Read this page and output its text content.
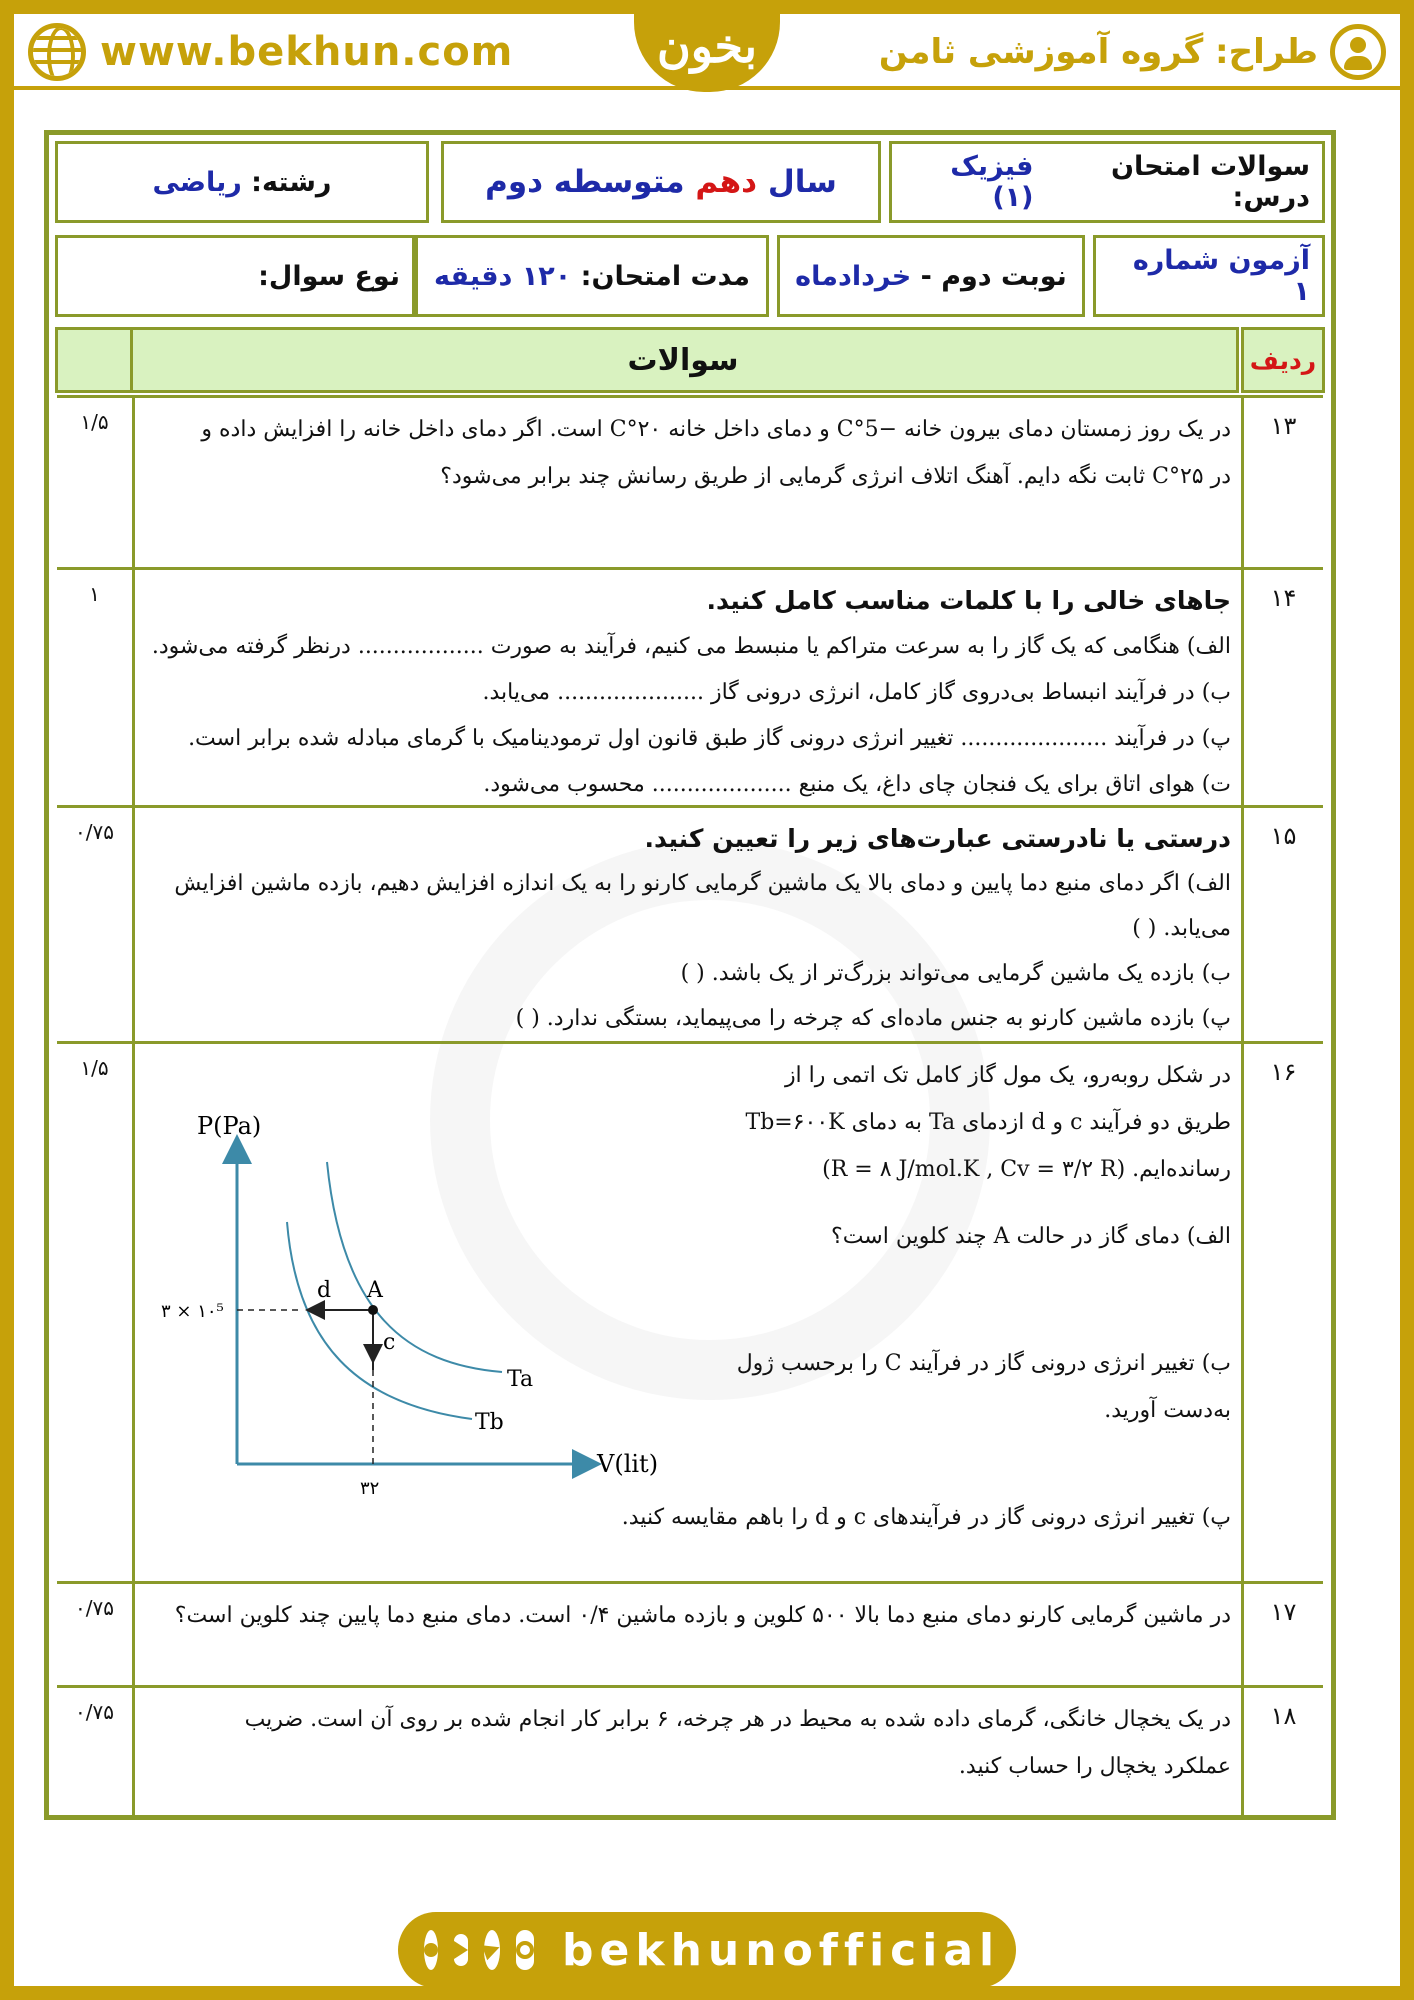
طراح: گروه آموزشی ثامن
www.bekhun.com	بخون
سوالات امتحان درس:
فیزیک (۱)
سال

دهم

متوسطه دوم
رشته:

ریاضی
آزمون شماره ۱
نوبت دوم -

خردادماه
مدت امتحان:

۱۲۰ دقیقه
نوع سوال:
ردیف
سوالات
۱۳
۱/۵	در یک روز زمستان دمای بیرون خانه −5°C و دمای داخل خانه ۲۰°C است. اگر دمای داخل خانه را افزایش داده و

در ۲۵°C ثابت نگه دایم. آهنگ اتلاف انرژی گرمایی از طریق رسانش چند برابر می‌شود؟

۱۴
۱	جاهای خالی را با کلمات مناسب کامل کنید.

الف) هنگامی که یک گاز را به سرعت متراکم یا منبسط می کنیم، فرآیند به صورت .................. درنظر گرفته می‌شود.

ب) در فرآیند انبساط بی‌دروی گاز کامل، انرژی درونی گاز ..................... می‌یابد.

پ) در فرآیند ..................... تغییر انرژی درونی گاز طبق قانون اول ترمودینامیک با گرمای مبادله شده برابر است.

ت) هوای اتاق برای یک فنجان چای داغ، یک منبع .................... محسوب می‌شود.

۱۵
۰/۷۵	درستی یا نادرستی عبارت‌های زیر را تعیین کنید.

الف) اگر دمای منبع دما پایین و دمای بالا یک ماشین گرمایی کارنو را به یک اندازه افزایش دهیم، بازده ماشین افزایش

می‌یابد. ( )

ب) بازده یک ماشین گرمایی می‌تواند بزرگ‌تر از یک باشد. ( )

پ) بازده ماشین کارنو به جنس ماده‌ای که چرخه را می‌پیماید، بستگی ندارد. ( )

۱۶
۱/۵	در شکل روبه‌رو، یک مول گاز کامل تک اتمی را از

طریق دو فرآیند c و d ازدمای Ta به دمای Tb=۶۰۰K

رسانده‌ایم. (R = ۸ J/mol.K , Cv = ۳/۲ R)

الف) دمای گاز در حالت A چند کلوین است؟

ب) تغییر انرژی درونی گاز در فرآیند C را برحسب ژول

به‌دست آورید.

پ) تغییر انرژی درونی گاز در فرآیندهای c و d را باهم مقایسه کنید.

P(Pa)
V(lit)
Ta
Tb
A
d
c
۳ × ۱۰⁵
۳۲
۱۷
۰/۷۵	در ماشین گرمایی کارنو دمای منبع دما بالا ۵۰۰ کلوین و بازده ماشین ۰/۴ است. دمای منبع دما پایین چند کلوین است؟

۱۸
۰/۷۵	در یک یخچال خانگی، گرمای داده شده به محیط در هر چرخه، ۶ برابر کار انجام شده بر روی آن است. ضریب

عملکرد یخچال را حساب کنید.

bekhunofficial
